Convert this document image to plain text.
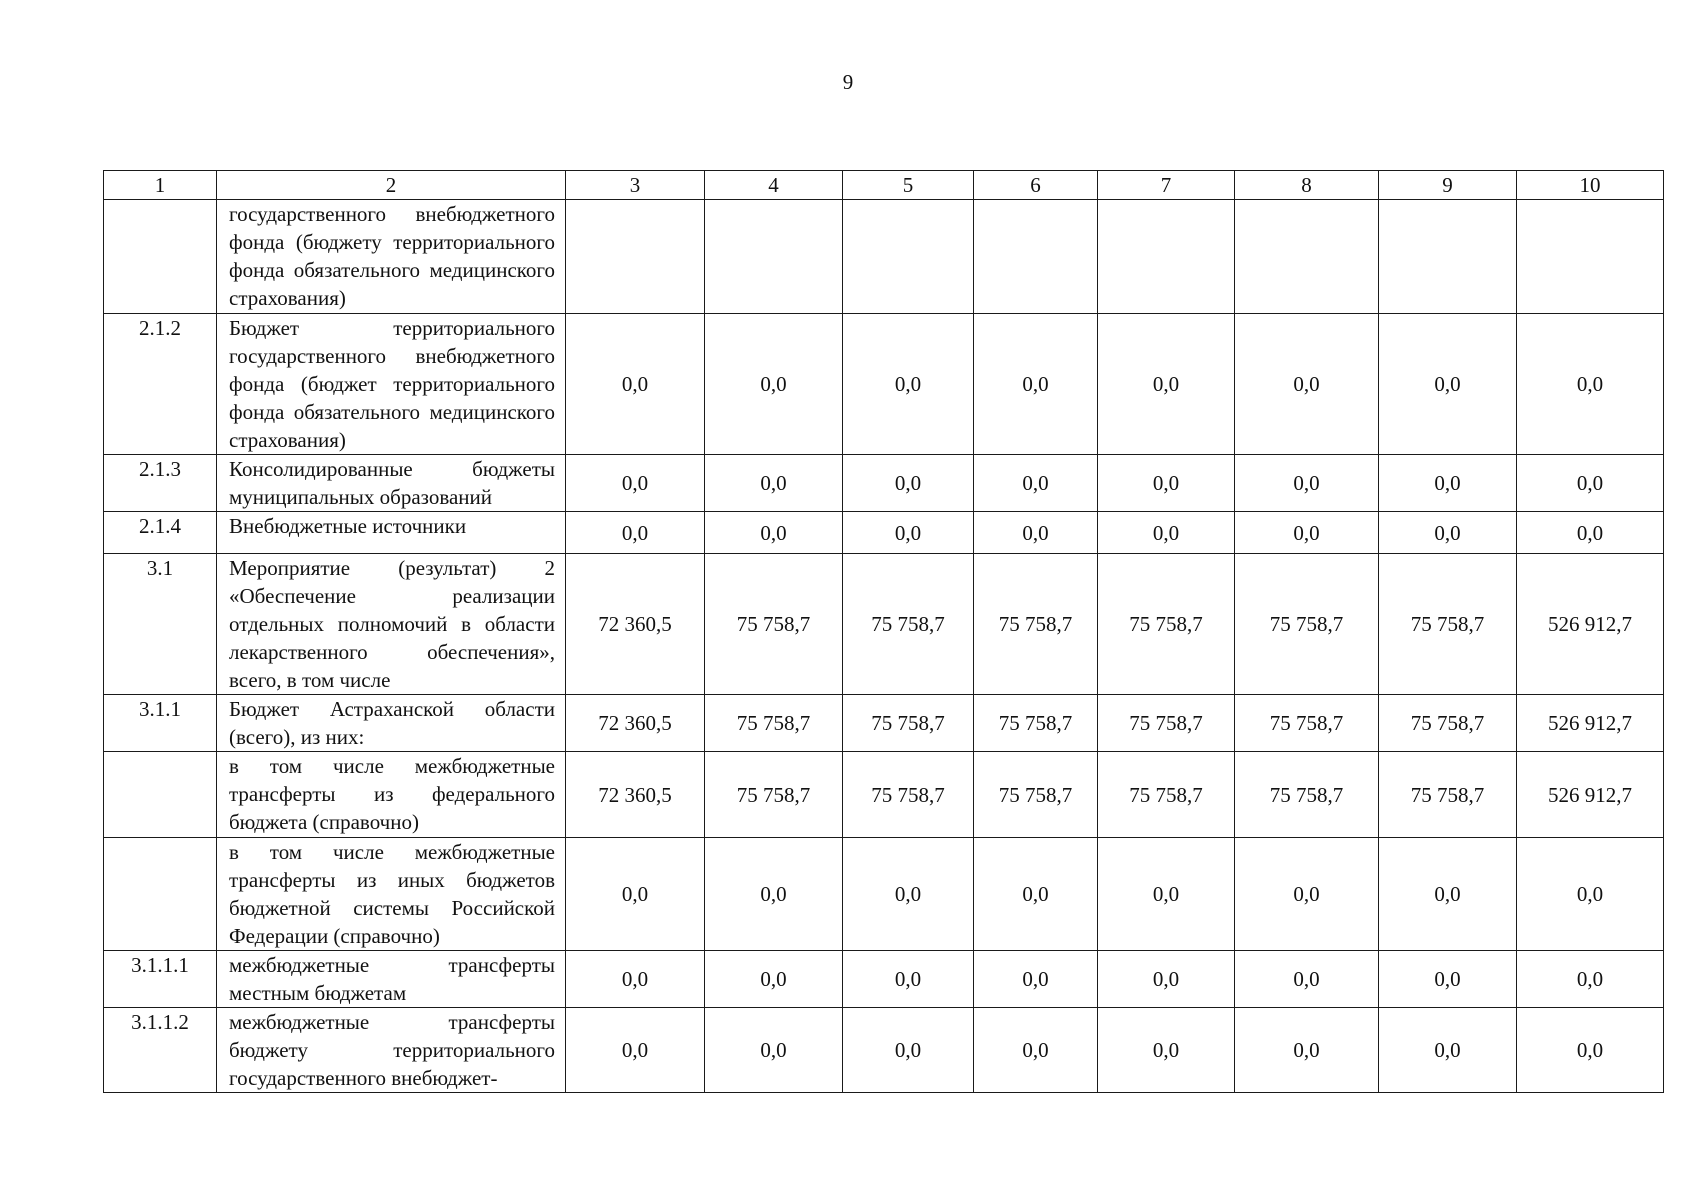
9
1	2	3	4	5	6	7	8	9	10
	государственного внебюджетного фонда (бюджету территориального фонда обязательного медицинского страхования)								
2.1.2	Бюджет территориального государственного внебюджетного фонда (бюджет территориального фонда обязательного медицинского страхования)	0,0	0,0	0,0	0,0	0,0	0,0	0,0	0,0
2.1.3	Консолидированные бюджеты муниципальных образований	0,0	0,0	0,0	0,0	0,0	0,0	0,0	0,0
2.1.4	Внебюджетные источники	0,0	0,0	0,0	0,0	0,0	0,0	0,0	0,0
3.1	Мероприятие (результат) 2 «Обеспечение реализации отдельных полномочий в области лекарственного обеспечения», всего, в том числе	72 360,5	75 758,7	75 758,7	75 758,7	75 758,7	75 758,7	75 758,7	526 912,7
3.1.1	Бюджет Астраханской области (всего), из них:	72 360,5	75 758,7	75 758,7	75 758,7	75 758,7	75 758,7	75 758,7	526 912,7
	в том числе межбюджетные трансферты из федерального бюджета (справочно)	72 360,5	75 758,7	75 758,7	75 758,7	75 758,7	75 758,7	75 758,7	526 912,7
	в том числе межбюджетные трансферты из иных бюджетов бюджетной системы Российской Федерации (справочно)	0,0	0,0	0,0	0,0	0,0	0,0	0,0	0,0
3.1.1.1	межбюджетные трансферты местным бюджетам	0,0	0,0	0,0	0,0	0,0	0,0	0,0	0,0
3.1.1.2	межбюджетные трансферты бюджету территориального государственного внебюджет-	0,0	0,0	0,0	0,0	0,0	0,0	0,0	0,0
